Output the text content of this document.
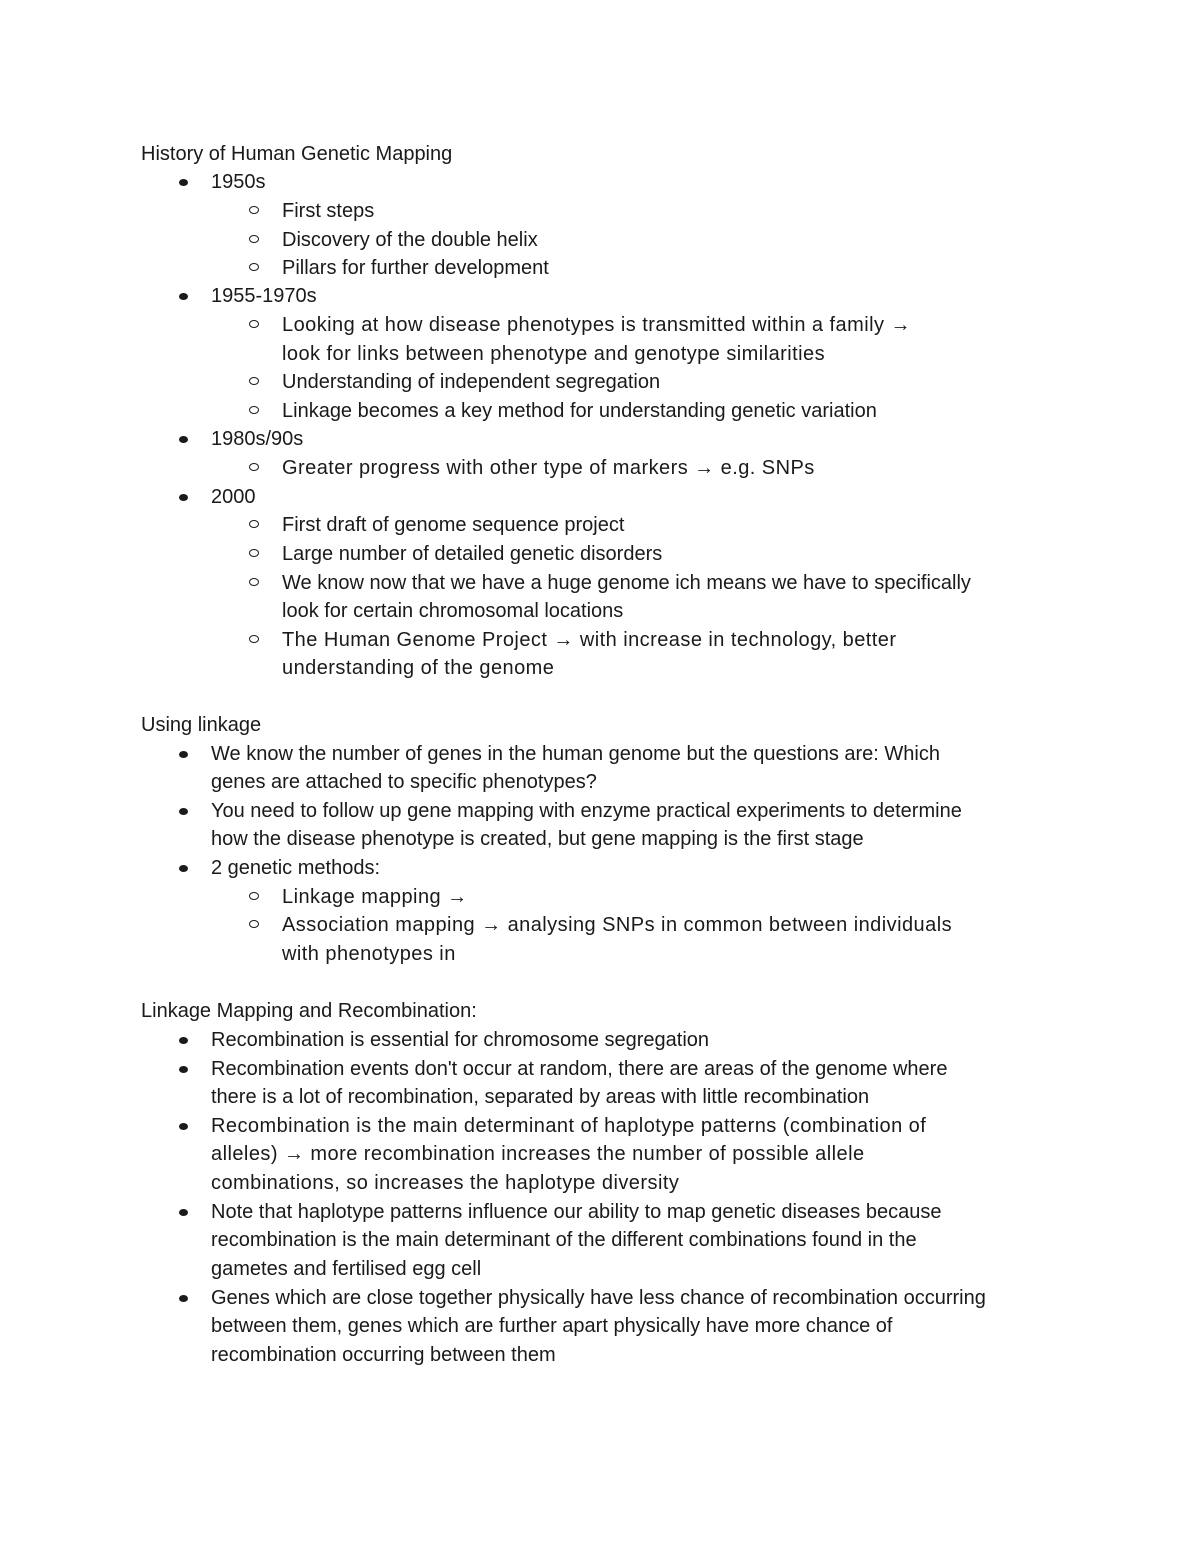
History of Human Genetic Mapping

1950s

First steps

Discovery of the double helix

Pillars for further development

1955-1970s

Looking at how disease phenotypes is transmitted within a family →

look for links between phenotype and genotype similarities

Understanding of independent segregation

Linkage becomes a key method for understanding genetic variation

1980s/90s

Greater progress with other type of markers → e.g. SNPs

2000

First draft of genome sequence project

Large number of detailed genetic disorders

We know now that we have a huge genome ich means we have to specifically

look for certain chromosomal locations

The Human Genome Project → with increase in technology, better

understanding of the genome

Using linkage

We know the number of genes in the human genome but the questions are: Which

genes are attached to specific phenotypes?

You need to follow up gene mapping with enzyme practical experiments to determine

how the disease phenotype is created, but gene mapping is the first stage

2 genetic methods:

Linkage mapping →

Association mapping → analysing SNPs in common between individuals

with phenotypes in

Linkage Mapping and Recombination:

Recombination is essential for chromosome segregation

Recombination events don't occur at random, there are areas of the genome where

there is a lot of recombination, separated by areas with little recombination

Recombination is the main determinant of haplotype patterns (combination of

alleles) → more recombination increases the number of possible allele

combinations, so increases the haplotype diversity

Note that haplotype patterns influence our ability to map genetic diseases because

recombination is the main determinant of the different combinations found in the

gametes and fertilised egg cell

Genes which are close together physically have less chance of recombination occurring

between them, genes which are further apart physically have more chance of

recombination occurring between them
